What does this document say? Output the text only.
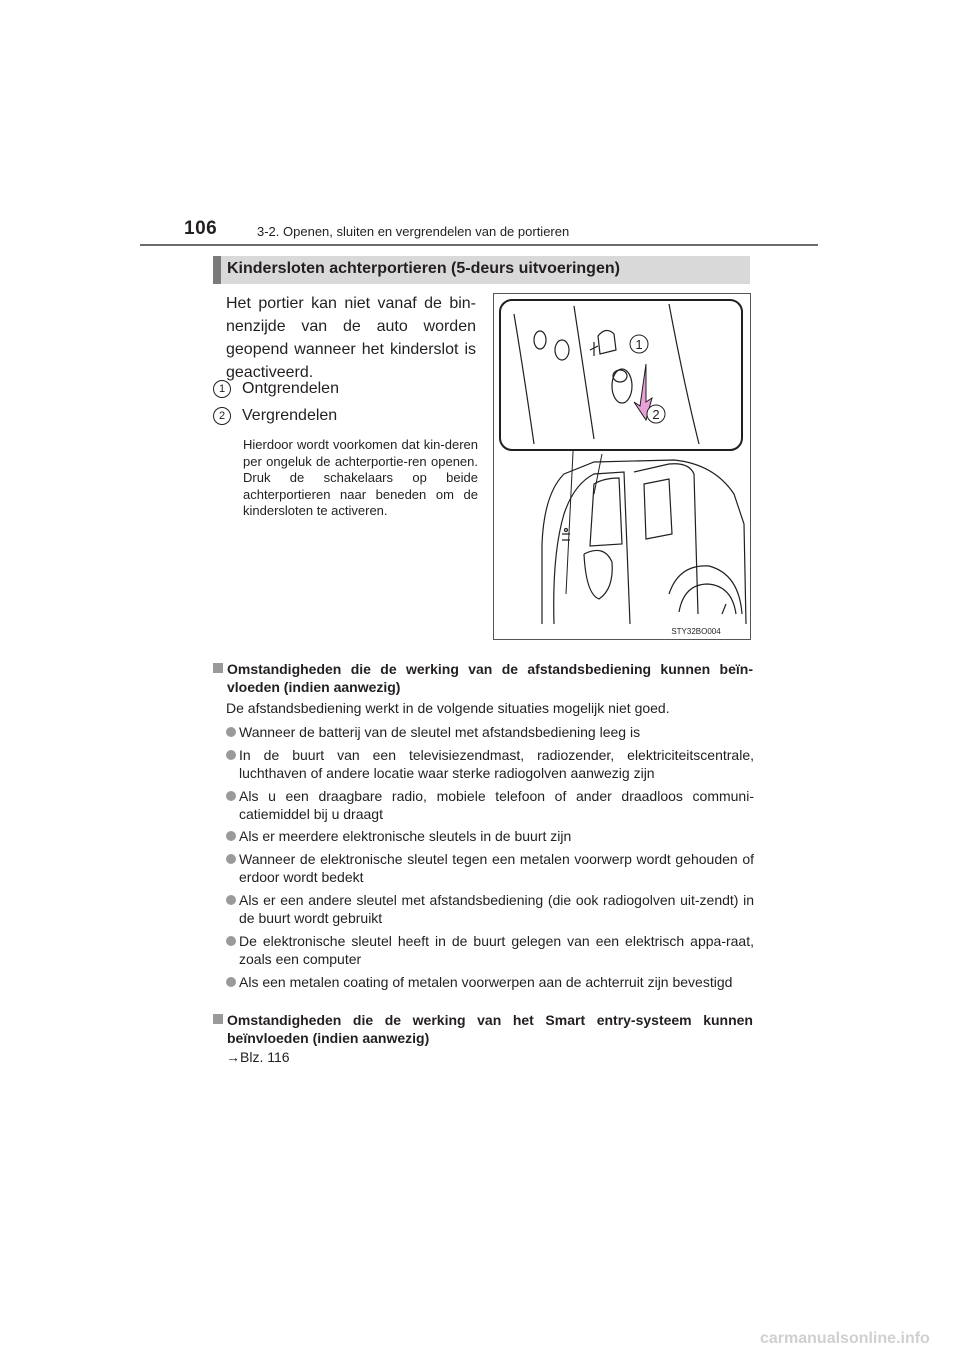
106	3-2. Openen, sluiten en vergrendelen van de portieren
Kindersloten achterportieren (5-deurs uitvoeringen)
Het portier kan niet vanaf de bin-nenzijde van de auto worden geopend wanneer het kinderslot is geactiveerd.
1	Ontgrendelen
2	Vergrendelen
Hierdoor wordt voorkomen dat kin-deren per ongeluk de achterportie-ren openen. Druk de schakelaars op beide achterportieren naar beneden om de kindersloten te activeren.
1
2
STY32BO004
Omstandigheden die de werking van de afstandsbediening kunnen beïn-vloeden (indien aanwezig)
De afstandsbediening werkt in de volgende situaties mogelijk niet goed.
Wanneer de batterij van de sleutel met afstandsbediening leeg is
In de buurt van een televisiezendmast, radiozender, elektriciteitscentrale, luchthaven of andere locatie waar sterke radiogolven aanwezig zijn
Als u een draagbare radio, mobiele telefoon of ander draadloos communi-catiemiddel bij u draagt
Als er meerdere elektronische sleutels in de buurt zijn
Wanneer de elektronische sleutel tegen een metalen voorwerp wordt gehouden of erdoor wordt bedekt
Als er een andere sleutel met afstandsbediening (die ook radiogolven uit-zendt) in de buurt wordt gebruikt
De elektronische sleutel heeft in de buurt gelegen van een elektrisch appa-raat, zoals een computer
Als een metalen coating of metalen voorwerpen aan de achterruit zijn bevestigd
Omstandigheden die de werking van het Smart entry-systeem kunnen beïnvloeden (indien aanwezig)
→Blz. 116
carmanualsonline.info
